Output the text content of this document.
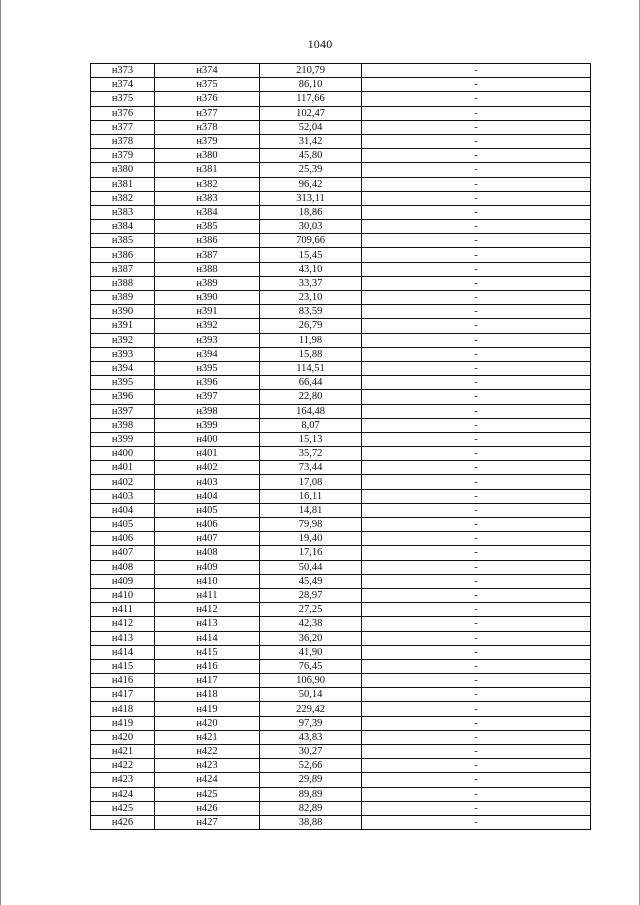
1040
н373	н374	210,79	-
н374	н375	86,10	-
н375	н376	117,66	-
н376	н377	102,47	-
н377	н378	52,04	-
н378	н379	31,42	-
н379	н380	45,80	-
н380	н381	25,39	-
н381	н382	96,42	-
н382	н383	313,11	-
н383	н384	18,86	-
н384	н385	30,03	-
н385	н386	709,66	-
н386	н387	15,45	-
н387	н388	43,10	-
н388	н389	33,37	-
н389	н390	23,10	-
н390	н391	83,59	-
н391	н392	26,79	-
н392	н393	11,98	-
н393	н394	15,88	-
н394	н395	114,51	-
н395	н396	66,44	-
н396	н397	22,80	-
н397	н398	164,48	-
н398	н399	8,07	-
н399	н400	15,13	-
н400	н401	35,72	-
н401	н402	73,44	-
н402	н403	17,08	-
н403	н404	16,11	-
н404	н405	14,81	-
н405	н406	79,98	-
н406	н407	19,40	-
н407	н408	17,16	-
н408	н409	50,44	-
н409	н410	45,49	-
н410	н411	28,97	-
н411	н412	27,25	-
н412	н413	42,38	-
н413	н414	36,20	-
н414	н415	41,90	-
н415	н416	76,45	-
н416	н417	106,90	-
н417	н418	50,14	-
н418	н419	229,42	-
н419	н420	97,39	-
н420	н421	43,83	-
н421	н422	30,27	-
н422	н423	52,66	-
н423	н424	29,89	-
н424	н425	89,89	-
н425	н426	82,89	-
н426	н427	38,88	-
